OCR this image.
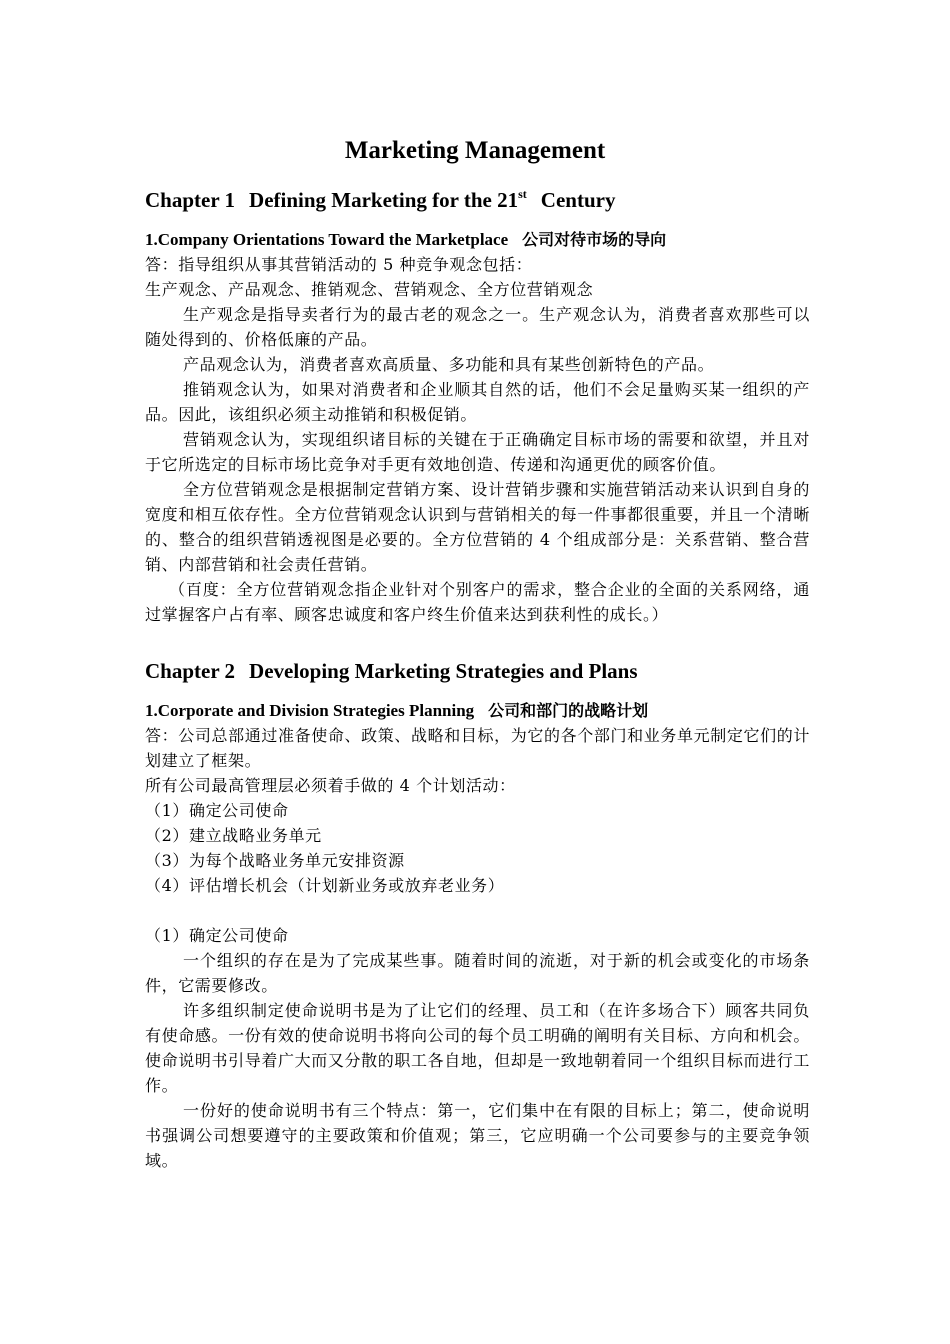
Marketing Management
Chapter 1 Defining Marketing for the 21st Century
1.Company Orientations Toward the Marketplace 公司对待市场的导向

答：指导组织从事其营销活动的 5 种竞争观念包括：

生产观念、产品观念、推销观念、营销观念、全方位营销观念

生产观念是指导卖者行为的最古老的观念之一。生产观念认为，消费者喜欢那些可以随处得到的、价格低廉的产品。

产品观念认为，消费者喜欢高质量、多功能和具有某些创新特色的产品。

推销观念认为，如果对消费者和企业顺其自然的话，他们不会足量购买某一组织的产品。因此，该组织必须主动推销和积极促销。

营销观念认为，实现组织诸目标的关键在于正确确定目标市场的需要和欲望，并且对于它所选定的目标市场比竞争对手更有效地创造、传递和沟通更优的顾客价值。

全方位营销观念是根据制定营销方案、设计营销步骤和实施营销活动来认识到自身的宽度和相互依存性。全方位营销观念认识到与营销相关的每一件事都很重要，并且一个清晰的、整合的组织营销透视图是必要的。全方位营销的 4 个组成部分是：关系营销、整合营销、内部营销和社会责任营销。

（百度：全方位营销观念指企业针对个别客户的需求，整合企业的全面的关系网络，通过掌握客户占有率、顾客忠诚度和客户终生价值来达到获利性的成长。）

Chapter 2 Developing Marketing Strategies and Plans
1.Corporate and Division Strategies Planning 公司和部门的战略计划

答：公司总部通过准备使命、政策、战略和目标，为它的各个部门和业务单元制定它们的计划建立了框架。

所有公司最高管理层必须着手做的 4 个计划活动：

（1）确定公司使命

（2）建立战略业务单元

（3）为每个战略业务单元安排资源

（4）评估增长机会（计划新业务或放弃老业务）

（1）确定公司使命

一个组织的存在是为了完成某些事。随着时间的流逝，对于新的机会或变化的市场条件，它需要修改。

许多组织制定使命说明书是为了让它们的经理、员工和（在许多场合下）顾客共同负有使命感。一份有效的使命说明书将向公司的每个员工明确的阐明有关目标、方向和机会。使命说明书引导着广大而又分散的职工各自地，但却是一致地朝着同一个组织目标而进行工作。

一份好的使命说明书有三个特点：第一，它们集中在有限的目标上；第二，使命说明书强调公司想要遵守的主要政策和价值观；第三，它应明确一个公司要参与的主要竞争领域。
